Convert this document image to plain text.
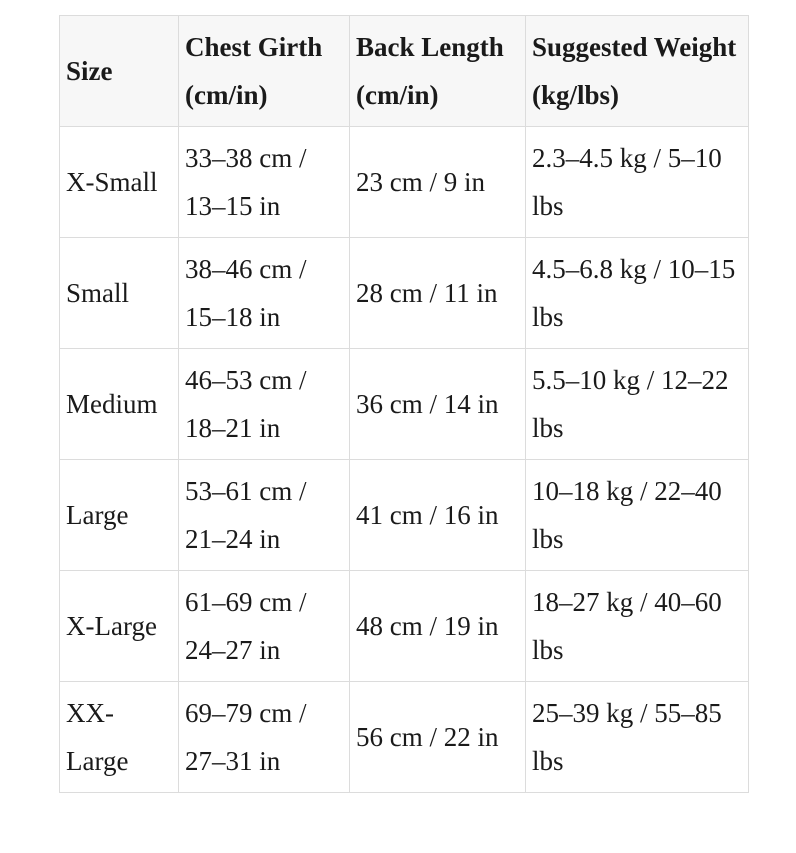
Size	Chest Girth (cm/in)	Back Length (cm/in)	Suggested Weight (kg/lbs)
X-Small	33–38 cm / 13–15 in	23 cm / 9 in	2.3–4.5 kg / 5–10 lbs
Small	38–46 cm / 15–18 in	28 cm / 11 in	4.5–6.8 kg / 10–15 lbs
Medium	46–53 cm / 18–21 in	36 cm / 14 in	5.5–10 kg / 12–22 lbs
Large	53–61 cm / 21–24 in	41 cm / 16 in	10–18 kg / 22–40 lbs
X-Large	61–69 cm / 24–27 in	48 cm / 19 in	18–27 kg / 40–60 lbs
XX-Large	69–79 cm / 27–31 in	56 cm / 22 in	25–39 kg / 55–85 lbs
